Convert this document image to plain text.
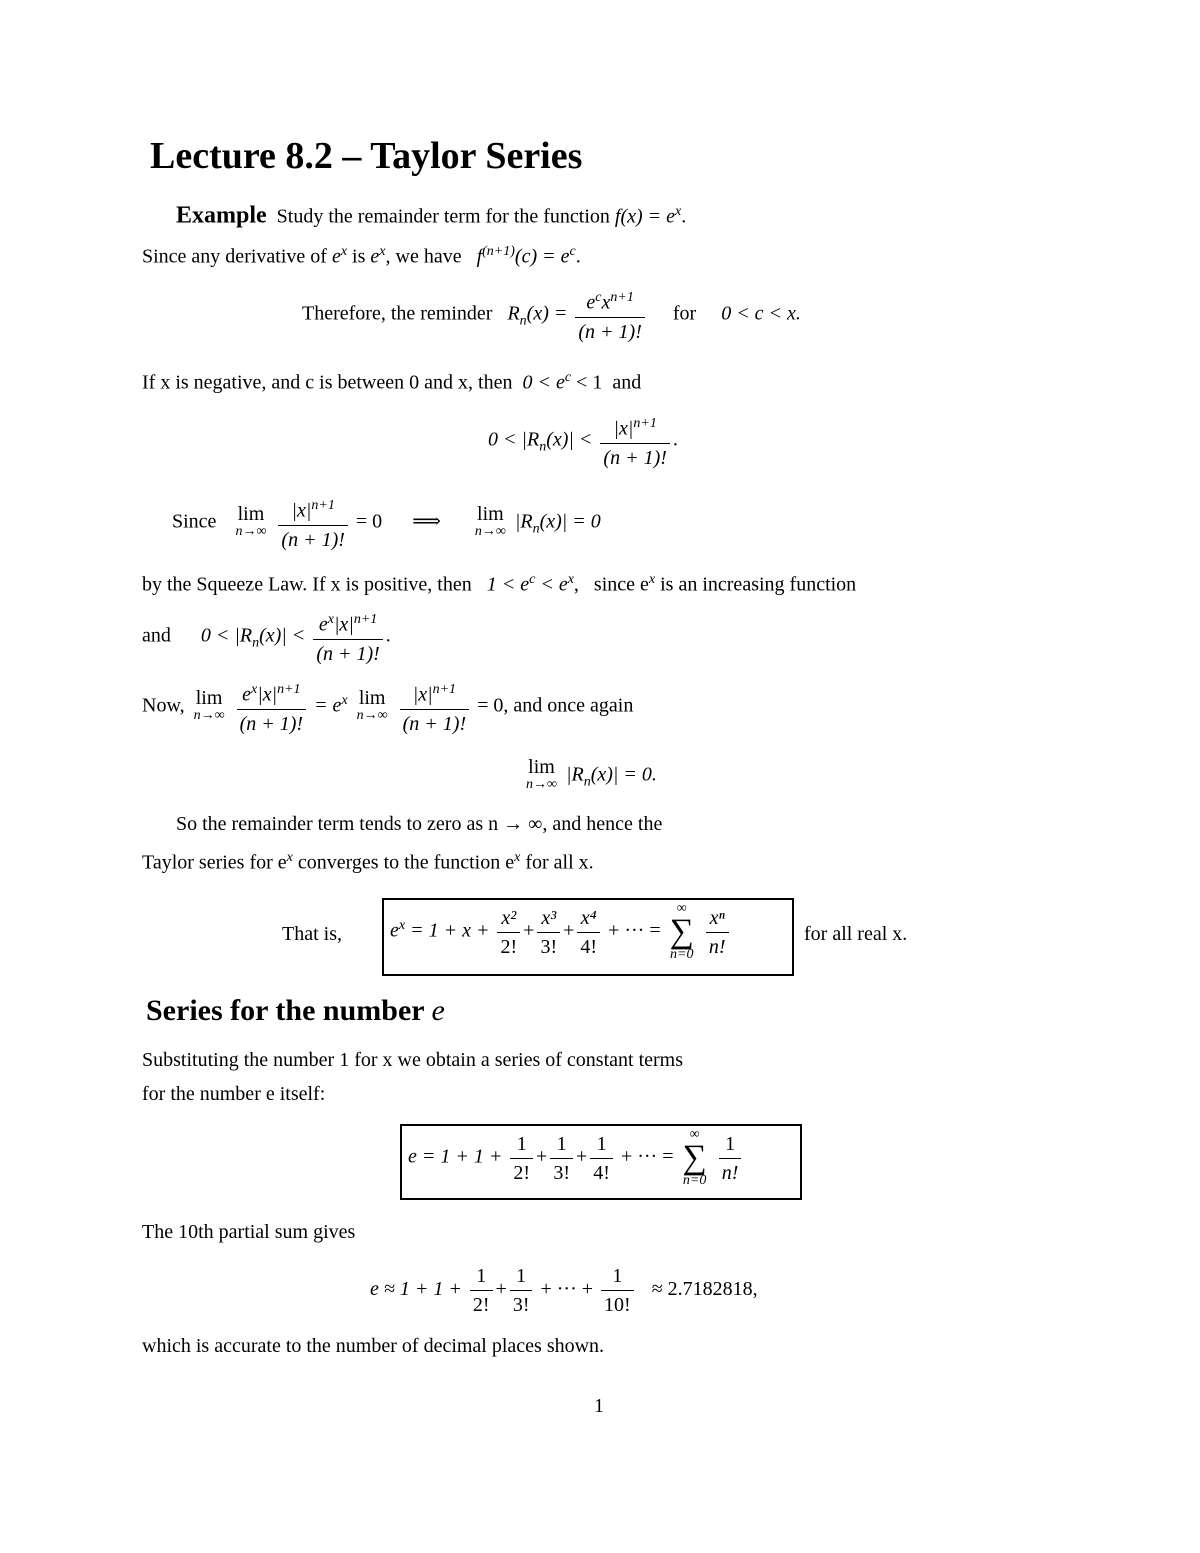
Lecture 8.2 – Taylor Series
Example Study the remainder term for the function $f(x) = e^x$.
Since any derivative of $e^x$ is $e^x$, we have $f^{(n+1)}(c) = e^c$.
Therefore, the reminder $R_n(x) = \frac{e^cx^{n+1}}{(n + 1)!}$ for 0 < c < x.
If x is negative, and c is between 0 and x, then $0 < e^c < 1$ and
$0 < |R_n(x)| < \frac{|x|^{n+1}}{(n + 1)!}$ .
Since lim
n→∞
$\frac{|x|^{n+1}}{(n + 1)!} = 0$ ⟹ lim
n→∞ $|R_n(x)| = 0$
by the Squeeze Law. If x is positive, then $1 < e^c < e^x$, since $e^x$ is an increasing function
and $0 < |R_n(x)| < \frac{e^x|x|^{n+1}}{(n + 1)!}$ .
Now, lim
n→∞
$\frac{e^x|x|^{n+1}}{(n + 1)!} = e^x$ lim
n→∞
$\frac{|x|^{n+1}}{(n + 1)!} = 0$, and once again
lim
n→∞ $|R_n(x)| = 0$.
So the remainder term tends to zero as n → ∞, and hence the
Taylor series for $e^x$ converges to the function $e^x$ for all x.
That is, $e^x = 1 + x + \frac{\text{x²}}{2!} + \frac{\text{x³}}{3!} + \frac{\text{x⁴}}{4!}$ + ··· =
∞
∑
n=0
$\frac{\text{xⁿ}}{n!}$	for all real x.
Series for the number e
Substituting the number 1 for x we obtain a series of constant terms
for the number e itself:
$e = 1 + 1 + \frac{1}{2!} + \frac{1}{3!} + \frac{1}{4!}$ + ··· =
∞
∑
n=0
$\frac{1}{n!}$
The 10th partial sum gives
$e \approx 1 + 1 + \frac{1}{2!} + \frac{1}{3!}$ + ··· + $\frac{1}{10!} \approx 2.7182818$,
which is accurate to the number of decimal places shown.
1
